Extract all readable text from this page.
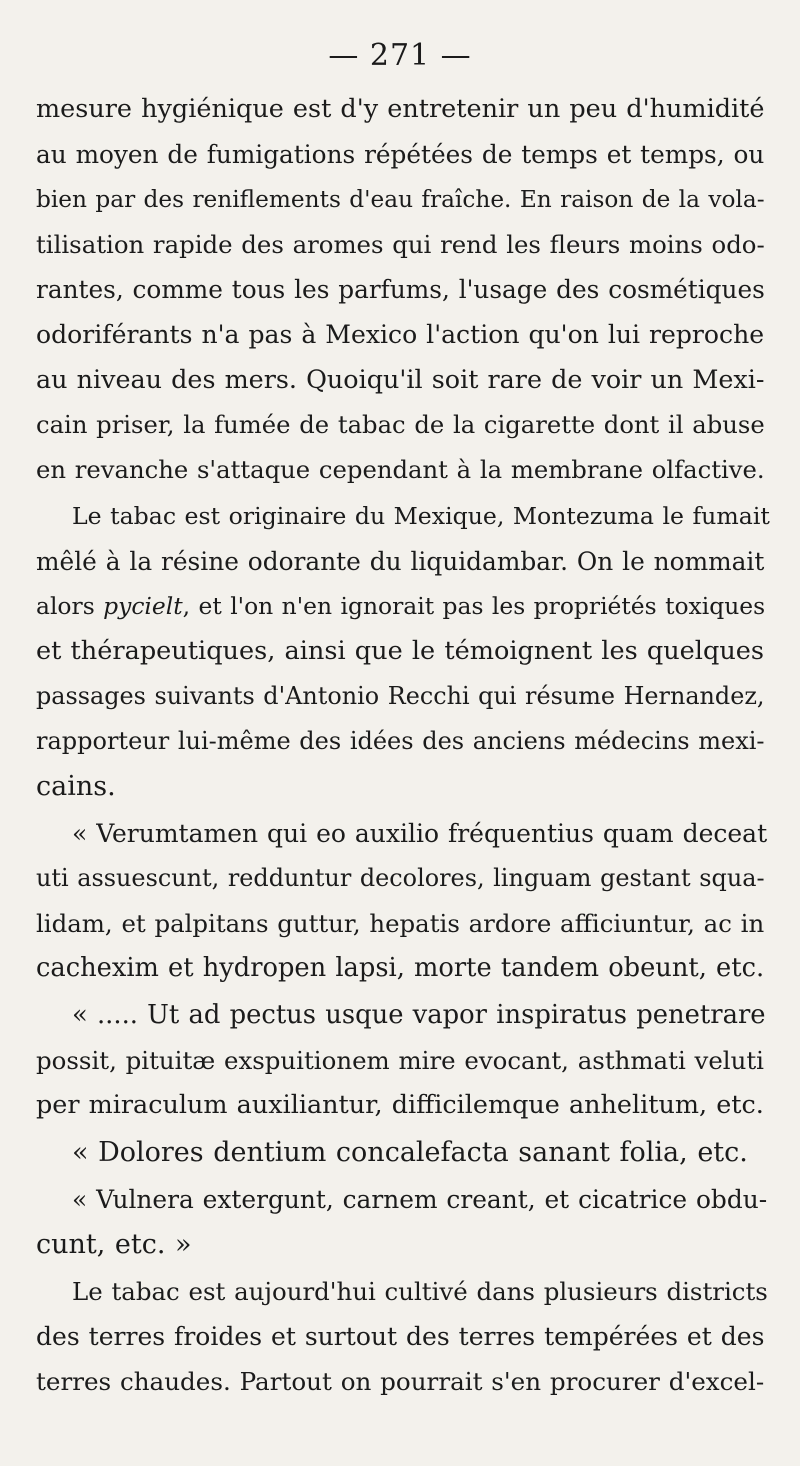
— 271 —
mesure hygiénique est d'y entretenir un peu d'humidité
au moyen de fumigations répétées de temps et temps, ou
bien par des reniflements d'eau fraîche. En raison de la vola-
tilisation rapide des aromes qui rend les fleurs moins odo-
rantes, comme tous les parfums, l'usage des cosmétiques
odoriférants n'a pas à Mexico l'action qu'on lui reproche
au niveau des mers. Quoiqu'il soit rare de voir un Mexi-
cain priser, la fumée de tabac de la cigarette dont il abuse
en revanche s'attaque cependant à la membrane olfactive.
Le tabac est originaire du Mexique, Montezuma le fumait
mêlé à la résine odorante du liquidambar. On le nommait
alors pycielt, et l'on n'en ignorait pas les propriétés toxiques
et thérapeutiques, ainsi que le témoignent les quelques
passages suivants d'Antonio Recchi qui résume Hernandez,
rapporteur lui-même des idées des anciens médecins mexi-
cains.
« Verumtamen qui eo auxilio fréquentius quam deceat
uti assuescunt, redduntur decolores, linguam gestant squa-
lidam, et palpitans guttur, hepatis ardore afficiuntur, ac in
cachexim et hydropen lapsi, morte tandem obeunt, etc.
« ..... Ut ad pectus usque vapor inspiratus penetrare
possit, pituitæ exspuitionem mire evocant, asthmati veluti
per miraculum auxiliantur, difficilemque anhelitum, etc.
« Dolores dentium concalefacta sanant folia, etc.
« Vulnera extergunt, carnem creant, et cicatrice obdu-
cunt, etc. »
Le tabac est aujourd'hui cultivé dans plusieurs districts
des terres froides et surtout des terres tempérées et des
terres chaudes. Partout on pourrait s'en procurer d'excel-
